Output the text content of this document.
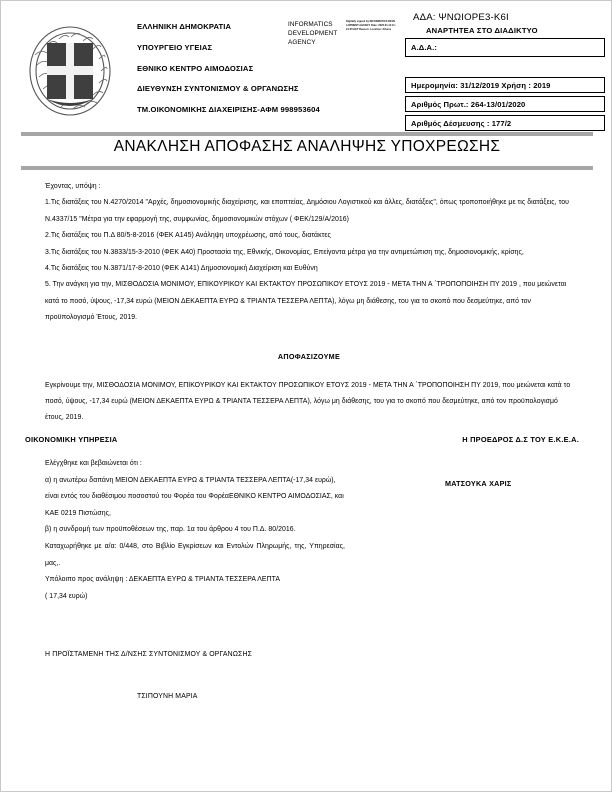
ΕΛΛΗΝΙΚΗ ΔΗΜΟΚΡΑΤΙΑ
ΥΠΟΥΡΓΕΙΟ ΥΓΕΙΑΣ
ΕΘΝΙΚΟ ΚΕΝΤΡΟ ΑΙΜΟΔΟΣΙΑΣ
ΔΙΕΥΘΥΝΣΗ ΣΥΝΤΟΝΙΣΜΟΥ & ΟΡΓΑΝΩΣΗΣ
ΤΜ.ΟΙΚΟΝΟΜΙΚΗΣ ΔΙΑΧΕΙΡΙΣΗΣ-ΑΦΜ 998953604
INFORMATICS DEVELOPMENT AGENCY
Digitally signed by INFORMATICS DEVELOPMENT AGENCY Date: 2020.01.13 11:21:35 EET Reason: Location: Athens
ΑΔΑ: ΨΝΩΙΟΡΕ3-Κ6Ι
ΑΝΑΡΤΗΤΕΑ ΣΤΟ ΔΙΑΔΙΚΤΥΟ
Α.Δ.Α.:
Ημερομηνία: 31/12/2019 Χρήση : 2019
Αριθμός Πρωτ.: 264-13/01/2020
Αριθμός Δέσμευσης : 177/2
ΑΝΑΚΛΗΣΗ ΑΠΟΦΑΣΗΣ ΑΝΑΛΗΨΗΣ ΥΠΟΧΡΕΩΣΗΣ

Έχοντας, υπόψη :

1.Τις διατάξεις του Ν.4270/2014 "Αρχές, δημοσιονομικής διαχείρισης, και εποπτείας, Δημόσιου Λογιστικού και άλλες, διατάξεις", όπως τροποποιήθηκε με τις διατάξεις, του Ν.4337/15 "Μέτρα για την εφαρμογή της, συμφωνίας, δημοσιονομικών στόχων ( ΦΕΚ/129/Α/2016)

2.Τις διατάξεις του Π.Δ 80/5-8-2016 (ΦΕΚ Α145) Ανάληψη υποχρέωσης, από τους, διατάκτες

3.Τις διατάξεις του Ν.3833/15-3-2010 (ΦΕΚ Α40) Προστασία της, Εθνικής, Οικονομίας, Επείγοντα μέτρα για την αντιμετώπιση της, δημοσιονομικής, κρίσης,

4.Τις διατάξεις του Ν.3871/17-8-2010 (ΦΕΚ Α141) Δημοσιονομική Διαχείριση και Ευθύνη

5. Την ανάγκη για την, ΜΙΣΘΟΔΟΣΙΑ ΜΟΝΙΜΟΥ, ΕΠΙΚΟΥΡΙΚΟΥ ΚΑΙ ΕΚΤΑΚΤΟΥ ΠΡΟΣΩΠΙΚΟΥ ΕΤΟΥΣ 2019 - ΜΕΤΑ ΤΗΝ Α ΄ΤΡΟΠΟΠΟΙΗΣΗ ΠΥ 2019 , που μειώνεται κατά το ποσό, ύψους, -17,34 ευρώ (ΜΕΙΟΝ ΔΕΚΑΕΠΤΑ ΕΥΡΩ & ΤΡΙΑΝΤΑ ΤΕΣΣΕΡΑ ΛΕΠΤΑ), λόγω μη διάθεσης, του για το σκοπό που δεσμεύτηκε, από τον προϋπολογισμό Έτους, 2019.

ΑΠΟΦΑΣΙΖΟΥΜΕ

Εγκρίνουμε την, ΜΙΣΘΟΔΟΣΙΑ ΜΟΝΙΜΟΥ, ΕΠΙΚΟΥΡΙΚΟΥ ΚΑΙ ΕΚΤΑΚΤΟΥ ΠΡΟΣΩΠΙΚΟΥ ΕΤΟΥΣ 2019 - ΜΕΤΑ ΤΗΝ Α ΄ΤΡΟΠΟΠΟΙΗΣΗ ΠΥ 2019, που μειώνεται κατά το ποσό, ύψους, -17,34 ευρώ (ΜΕΙΟΝ ΔΕΚΑΕΠΤΑ ΕΥΡΩ & ΤΡΙΑΝΤΑ ΤΕΣΣΕΡΑ ΛΕΠΤΑ), λόγω μη διάθεσης, του για το σκοπό που δεσμεύτηκε, από τον προϋπολογισμό έτους, 2019.

ΟΙΚΟΝΟΜΙΚΗ ΥΠΗΡΕΣΙΑ	Η ΠΡΟΕΔΡΟΣ Δ.Σ ΤΟΥ Ε.Κ.Ε.Α.
ΜΑΤΣΟΥΚΑ ΧΑΡΙΣ

Ελέγχθηκε και βεβαιώνεται ότι :

α) η ανωτέρω δαπάνη ΜΕΙΟΝ ΔΕΚΑΕΠΤΑ ΕΥΡΩ & ΤΡΙΑΝΤΑ ΤΕΣΣΕΡΑ ΛΕΠΤΑ(-17,34 ευρώ), είναι εντός του διαθέσιμου ποσοστού του Φορέα του ΦορέαΕΘΝΙΚΟ ΚΕΝΤΡΟ ΑΙΜΟΔΟΣΙΑΣ, και ΚΑΕ 0219 Πιστώσης,

β) η συνδρομή των προϋποθέσεων της, παρ. 1α του άρθρου 4 του Π.Δ. 80/2016.

Καταχωρήθηκε με α/α: 0/448, στο Βιβλίο Εγκρίσεων και Εντολών Πληρωμής, της, Υπηρεσίας, μας,.

Υπόλοιπο προς ανάληψη : ΔΕΚΑΕΠΤΑ ΕΥΡΩ & ΤΡΙΑΝΤΑ ΤΕΣΣΕΡΑ ΛΕΠΤΑ

( 17,34 ευρώ)

Η ΠΡΟΪΣΤΑΜΕΝΗ ΤΗΣ Δ/ΝΣΗΣ ΣΥΝΤΟΝΙΣΜΟΥ & ΟΡΓΑΝΩΣΗΣ
ΤΣΙΠΟΥΝΗ ΜΑΡΙΑ
